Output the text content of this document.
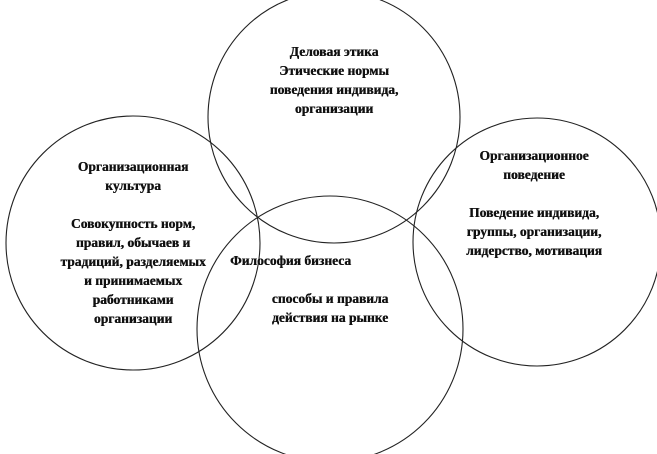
Деловая этика
Этические нормы
поведения индивида,
организации
Организационная
культура
Совокупность норм,
правил, обычаев и
традиций, разделяемых
и принимаемых
работниками
организации
Организационное
поведение
Поведение индивида,
группы, организации,
лидерство, мотивация
Философия бизнеса
способы и правила
действия на рынке
